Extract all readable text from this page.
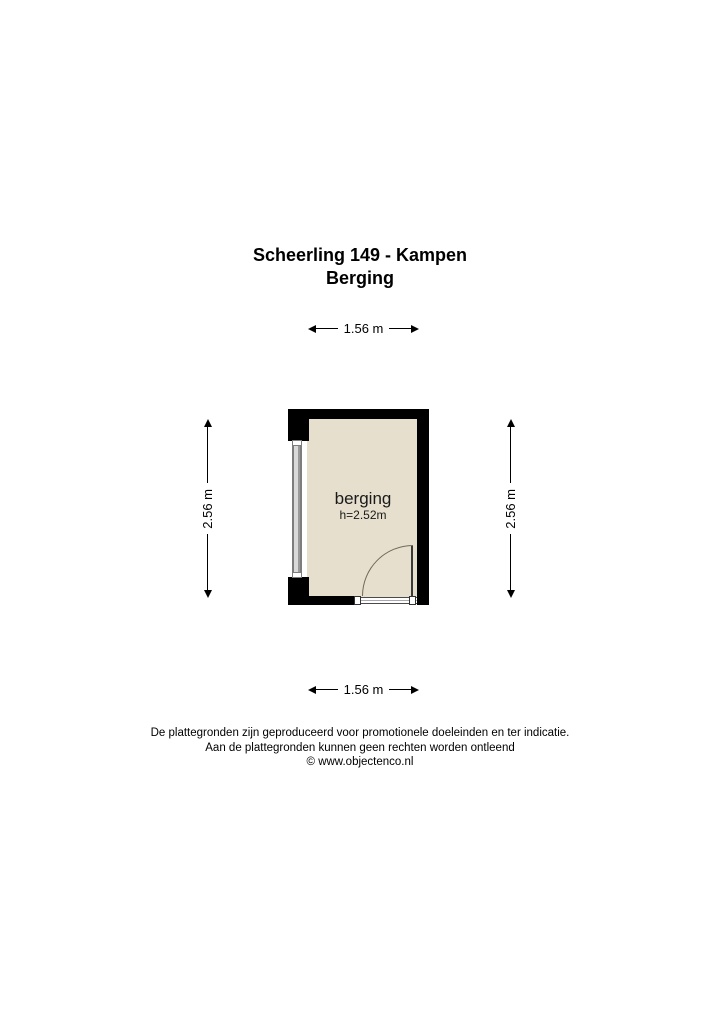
Scheerling 149 - Kampen
Berging
1.56 m
2.56 m	2.56 m
berging
h=2.52m
1.56 m
De plattegronden zijn geproduceerd voor promotionele doeleinden en ter indicatie.
Aan de plattegronden kunnen geen rechten worden ontleend
© www.objectenco.nl
